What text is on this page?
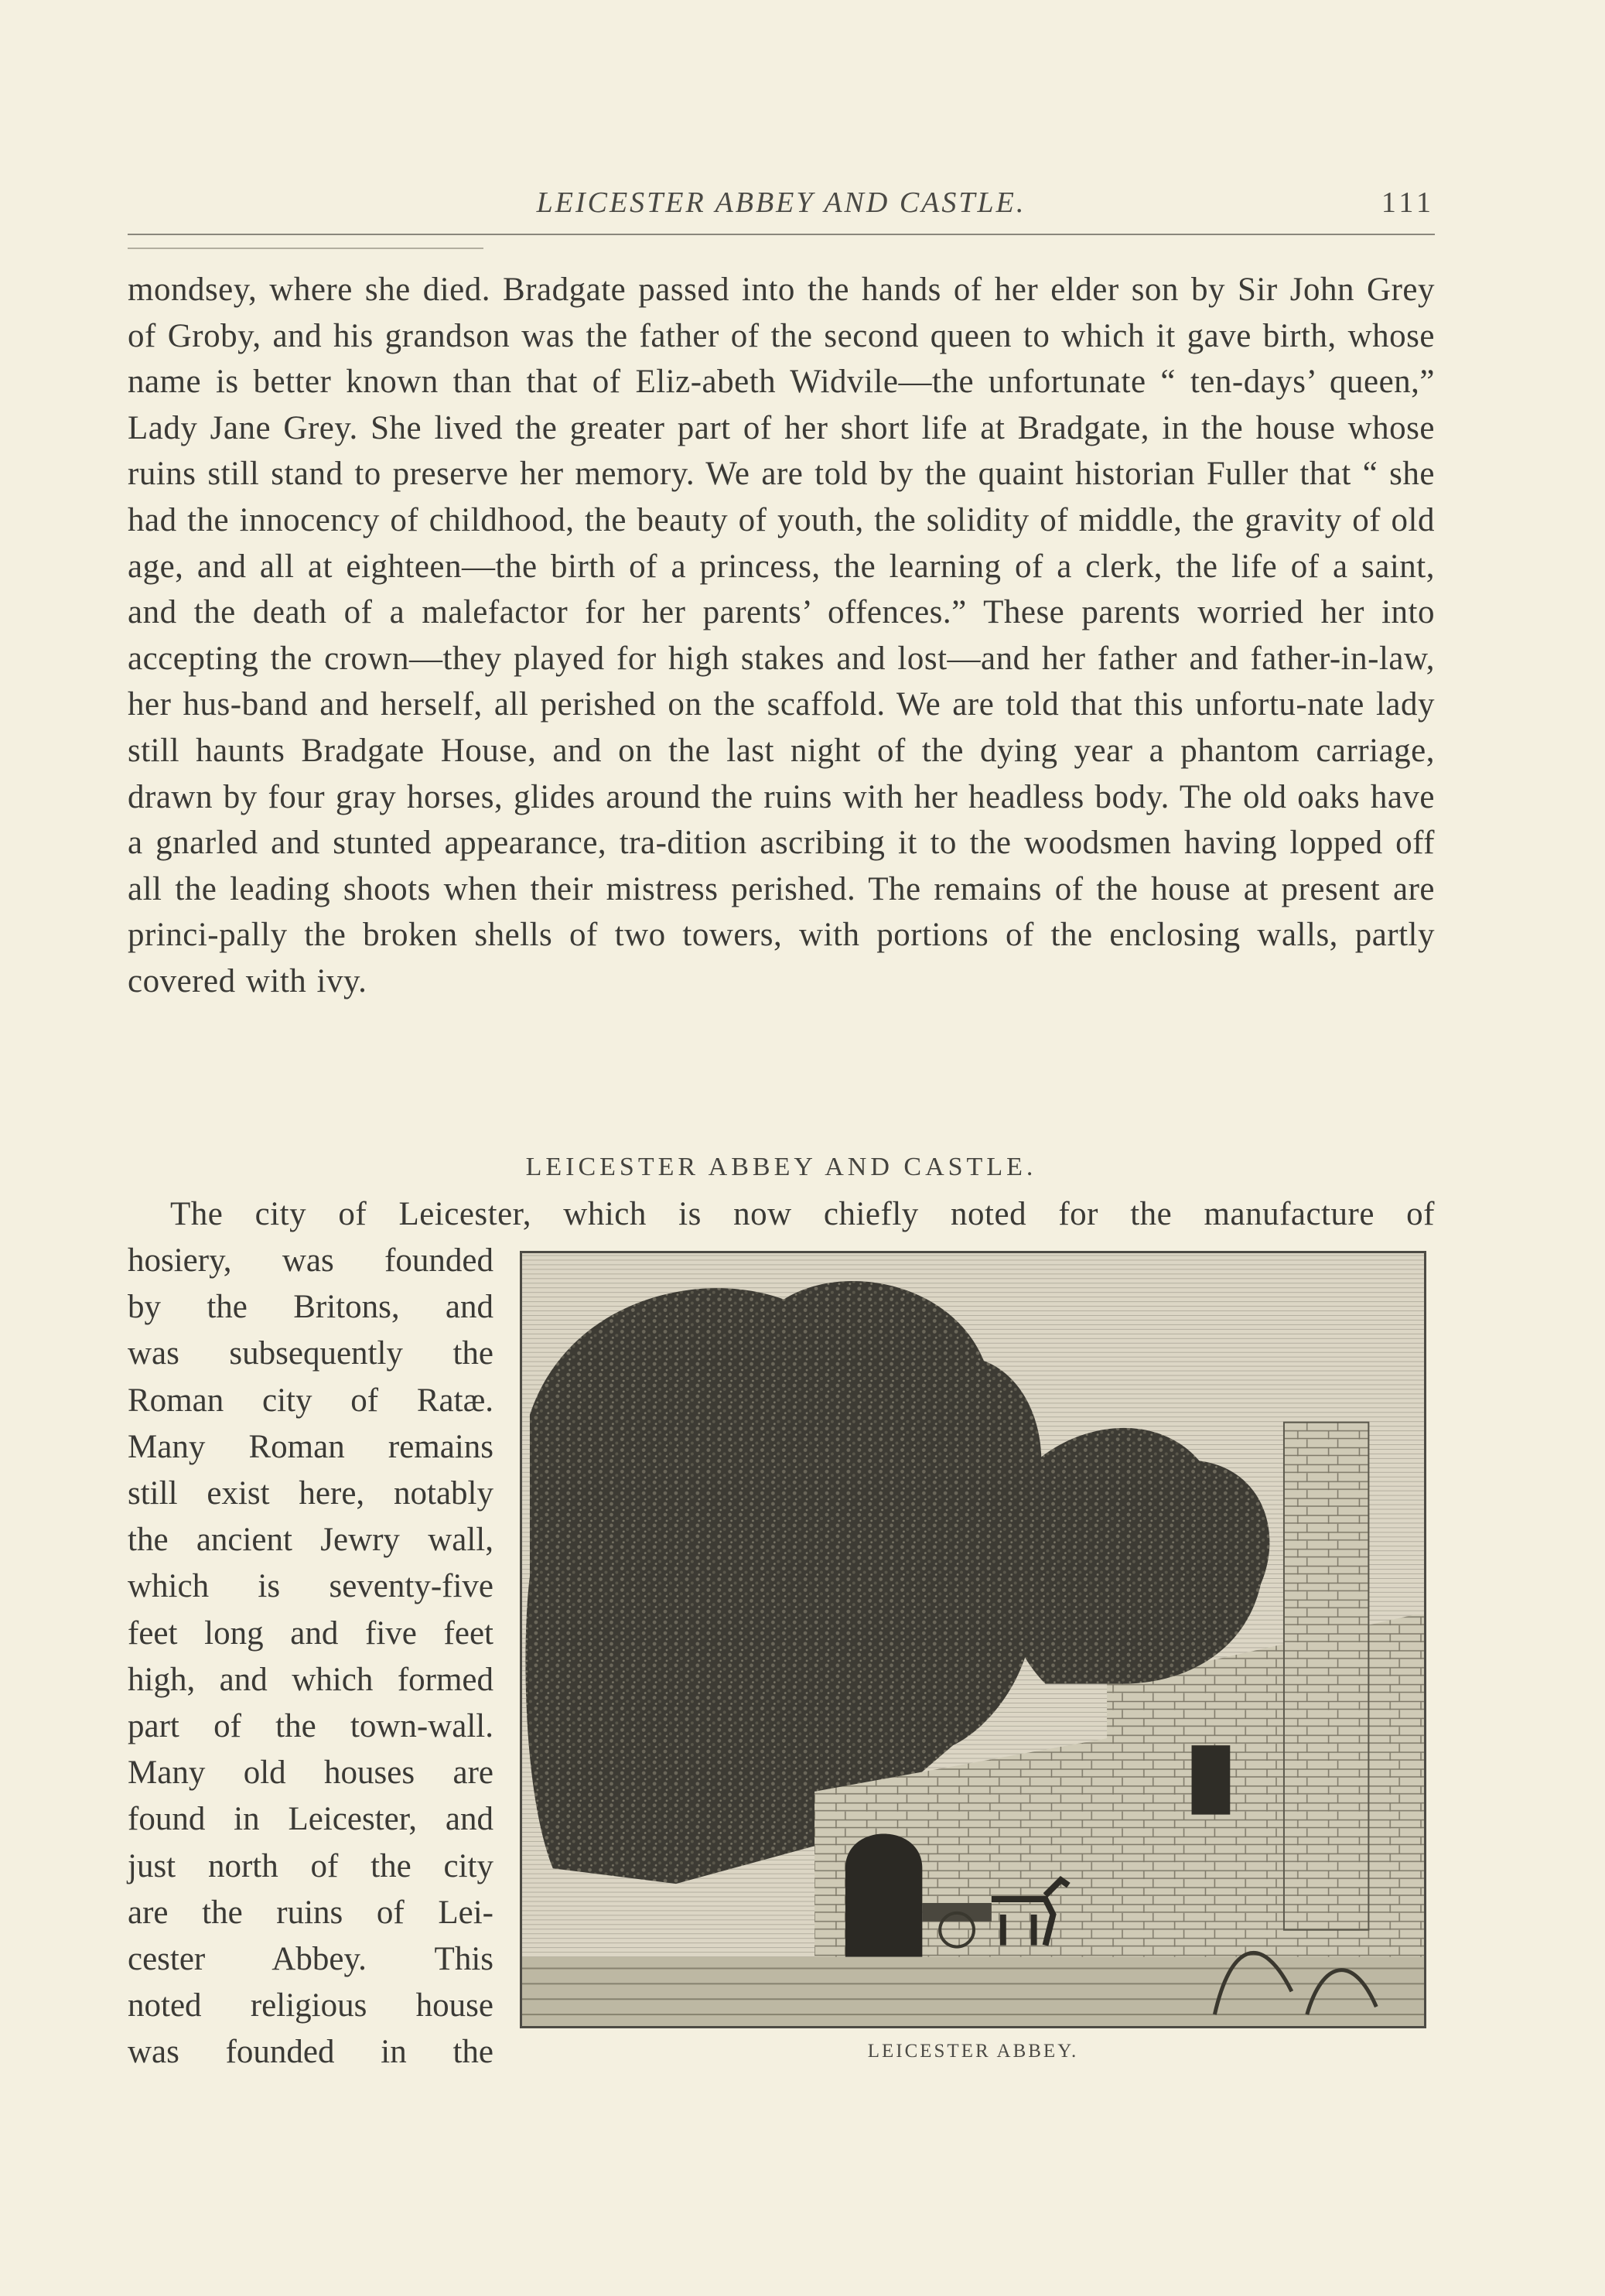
LEICESTER ABBEY AND CASTLE.	111
mondsey, where she died. Bradgate passed into the hands of her elder son by Sir John Grey of Groby, and his grandson was the father of the second queen to which it gave birth, whose name is better known than that of Eliz-abeth Widvile—the unfortunate “ ten-days’ queen,” Lady Jane Grey. She lived the greater part of her short life at Bradgate, in the house whose ruins still stand to preserve her memory. We are told by the quaint historian Fuller that “ she had the innocency of childhood, the beauty of youth, the solidity of middle, the gravity of old age, and all at eighteen—the birth of a princess, the learning of a clerk, the life of a saint, and the death of a malefactor for her parents’ offences.” These parents worried her into accepting the crown—they played for high stakes and lost—and her father and father-in-law, her hus-band and herself, all perished on the scaffold. We are told that this unfortu-nate lady still haunts Bradgate House, and on the last night of the dying year a phantom carriage, drawn by four gray horses, glides around the ruins with her headless body. The old oaks have a gnarled and stunted appearance, tra-dition ascribing it to the woodsmen having lopped off all the leading shoots when their mistress perished. The remains of the house at present are princi-pally the broken shells of two towers, with portions of the enclosing walls, partly covered with ivy.
LEICESTER ABBEY AND CASTLE.
The city of Leicester, which is now chiefly noted for the manufacture of
hosiery, was founded
by the Britons, and
was subsequently the
Roman city of Ratæ.
Many Roman remains
still exist here, notably
the ancient Jewry wall,
which is seventy-five
feet long and five feet
high, and which formed
part of the town-wall.
Many old houses are
found in Leicester, and
just north of the city
are the ruins of Lei-
cester Abbey. This
noted religious house
was founded in the	LEICESTER ABBEY.
